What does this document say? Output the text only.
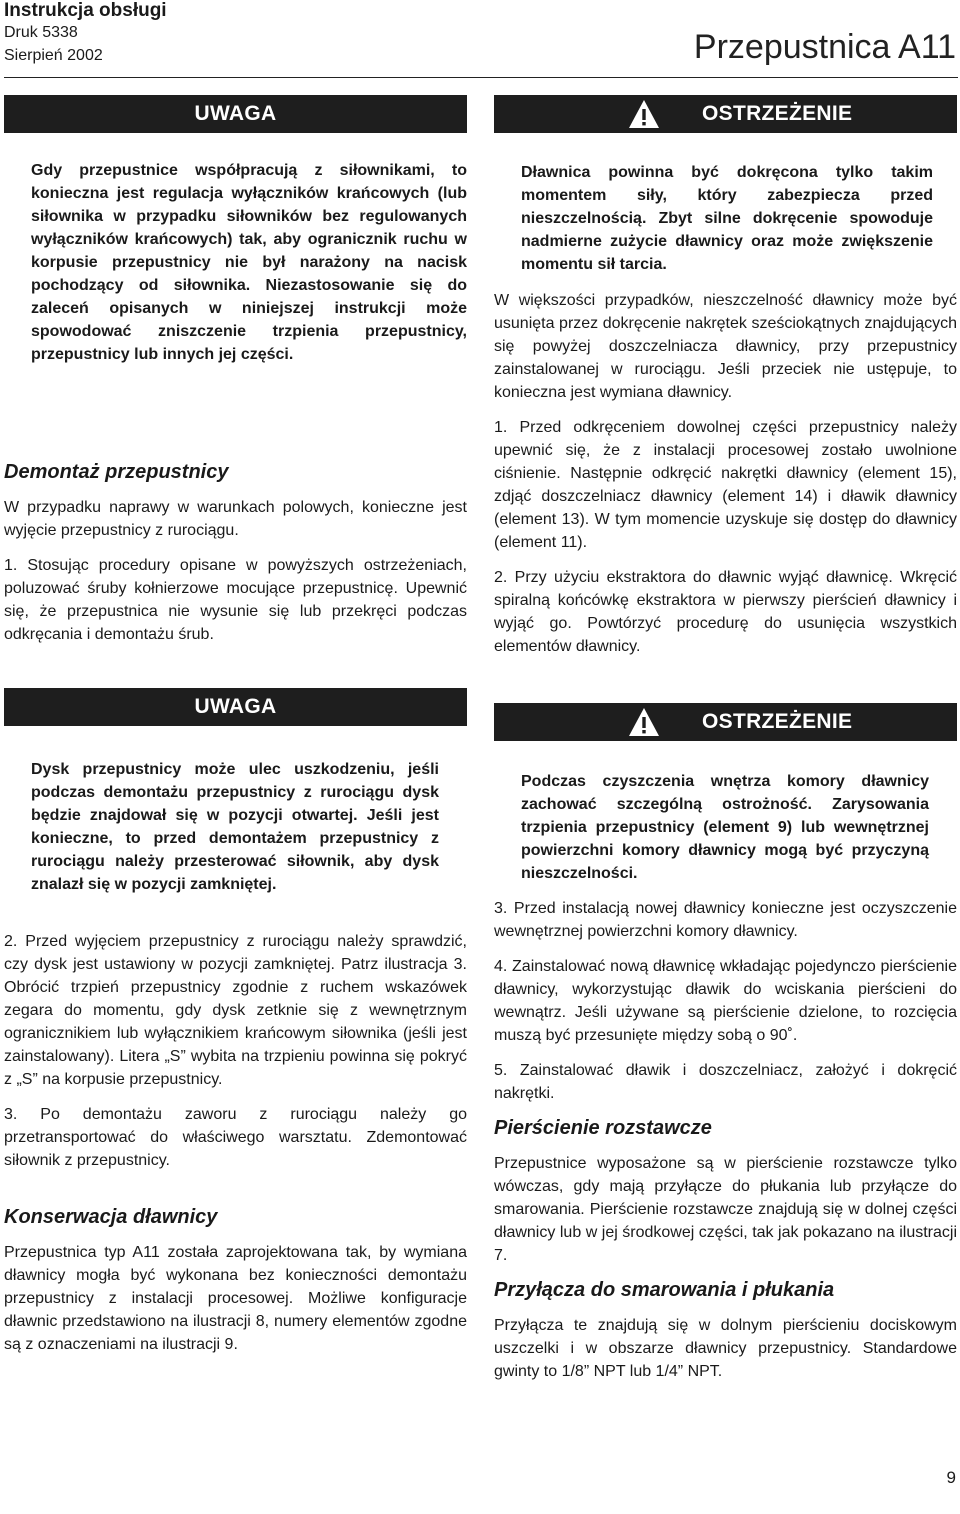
Instrukcja obsługi
Druk 5338
Sierpień 2002	Przepustnica A11
UWAGA

Gdy przepustnice współpracują z siłownikami, to konieczna jest regulacja wyłączników krańcowych (lub siłownika w przypadku siłowników bez regulowanych wyłączników krańcowych) tak, aby ogranicznik ruchu w korpusie przepustnicy nie był narażony na nacisk pochodzący od siłownika. Niezastosowanie się do zaleceń opisanych w niniejszej instrukcji może spowodować zniszczenie trzpienia przepustnicy, przepustnicy lub innych jej części.

Demontaż przepustnicy

W przypadku naprawy w warunkach polowych, konieczne jest wyjęcie przepustnicy z rurociągu.

1. Stosując procedury opisane w powyższych ostrzeżeniach, poluzować śruby kołnierzowe mocujące przepustnicę. Upewnić się, że przepustnica nie wysunie się lub przekręci podczas odkręcania i demontażu śrub.

OSTRZEŻENIE

Dławnica powinna być dokręcona tylko takim momentem siły, który zabezpiecza przed nieszczelnością. Zbyt silne dokręcenie spowoduje nadmierne zużycie dławnicy oraz może zwiększenie momentu sił tarcia.

W większości przypadków, nieszczelność dławnicy może być usunięta przez dokręcenie nakrętek sześciokątnych znajdujących się powyżej doszczelniacza dławnicy, przy przepustnicy zainstalowanej w rurociągu. Jeśli przeciek nie ustępuje, to konieczna jest wymiana dławnicy.

1. Przed odkręceniem dowolnej części przepustnicy należy upewnić się, że z instalacji procesowej zostało uwolnione ciśnienie. Następnie odkręcić nakrętki dławnicy (element 15), zdjąć doszczelniacz dławnicy (element 14) i dławik dławnicy (element 13). W tym momencie uzyskuje się dostęp do dławnicy (element 11).

2. Przy użyciu ekstraktora do dławnic wyjąć dławnicę. Wkręcić spiralną końcówkę ekstraktora w pierwszy pierścień dławnicy i wyjąć go. Powtórzyć procedurę do usunięcia wszystkich elementów dławnicy.

UWAGA

Dysk przepustnicy może ulec uszkodzeniu, jeśli podczas demontażu przepustnicy z rurociągu dysk będzie znajdował się w pozycji otwartej. Jeśli jest konieczne, to przed demontażem przepustnicy z rurociągu należy przesterować siłownik, aby dysk znalazł się w pozycji zamkniętej.

2. Przed wyjęciem przepustnicy z rurociągu należy sprawdzić, czy dysk jest ustawiony w pozycji zamkniętej. Patrz ilustracja 3. Obrócić trzpień przepustnicy zgodnie z ruchem wskazówek zegara do momentu, gdy dysk zetknie się z wewnętrznym ogranicznikiem lub wyłącznikiem krańcowym siłownika (jeśli jest zainstalowany). Litera „S” wybita na trzpieniu powinna się pokryć z „S” na korpusie przepustnicy.

3. Po demontażu zaworu z rurociągu należy go przetransportować do właściwego warsztatu. Zdemontować siłownik z przepustnicy.

Konserwacja dławnicy

Przepustnica typ A11 została zaprojektowana tak, by wymiana dławnicy mogła być wykonana bez konieczności demontażu przepustnicy z instalacji procesowej. Możliwe konfiguracje dławnic przedstawiono na ilustracji 8, numery elementów zgodne są z oznaczeniami na ilustracji 9.

OSTRZEŻENIE

Podczas czyszczenia wnętrza komory dławnicy zachować szczególną ostrożność. Zarysowania trzpienia przepustnicy (element 9) lub wewnętrznej powierzchni komory dławnicy mogą być przyczyną nieszczelności.

3. Przed instalacją nowej dławnicy konieczne jest oczyszczenie wewnętrznej powierzchni komory dławnicy.

4. Zainstalować nową dławnicę wkładając pojedynczo pierścienie dławnicy, wykorzystując dławik do wciskania pierścieni do wewnątrz. Jeśli używane są pierścienie dzielone, to rozcięcia muszą być przesunięte między sobą o 90˚.

5. Zainstalować dławik i doszczelniacz, założyć i dokręcić nakrętki.

Pierścienie rozstawcze

Przepustnice wyposażone są w pierścienie rozstawcze tylko wówczas, gdy mają przyłącze do płukania lub przyłącze do smarowania. Pierścienie rozstawcze znajdują się w dolnej części dławnicy lub w jej środkowej części, tak jak pokazano na ilustracji 7.

Przyłącza do smarowania i płukania

Przyłącza te znajdują się w dolnym pierścieniu dociskowym uszczelki i w obszarze dławnicy przepustnicy. Standardowe gwinty to 1/8” NPT lub 1/4” NPT.

9
